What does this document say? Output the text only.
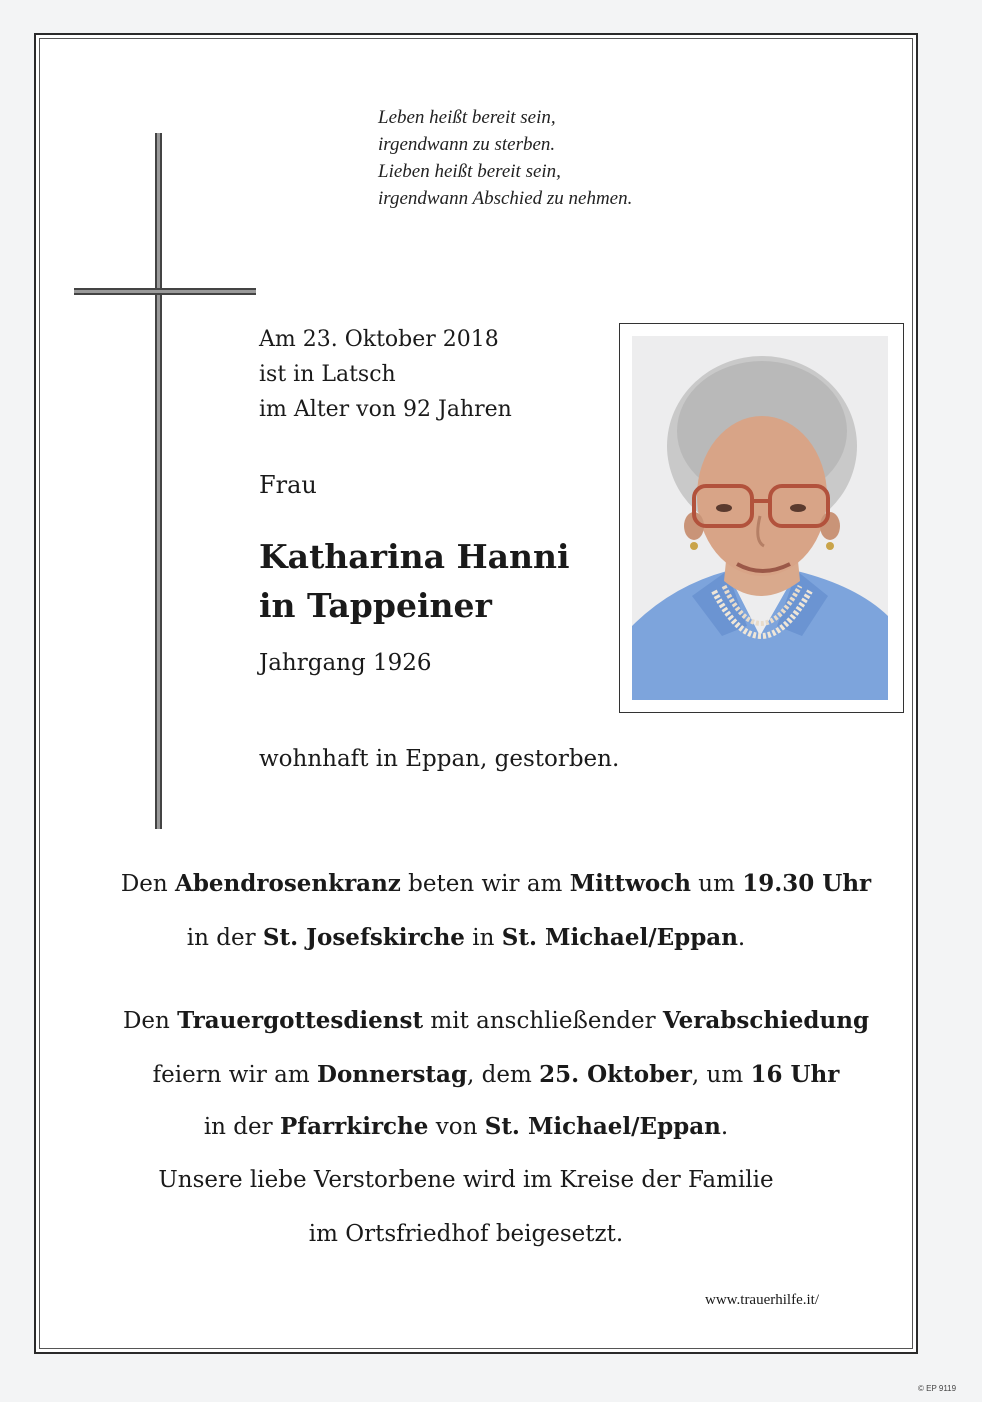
Leben heißt bereit sein,
irgendwann zu sterben.
Lieben heißt bereit sein,
irgendwann Abschied zu nehmen.
Am 23. Oktober 2018
ist in Latsch
im Alter von 92 Jahren
Frau
Katharina Hanni
in Tappeiner
Jahrgang 1926
wohnhaft in Eppan, gestorben.
Den Abendrosenkranz beten wir am Mittwoch um 19.30 Uhr
in der St. Josefskirche in St. Michael/Eppan.
Den Trauergottesdienst mit anschließender Verabschiedung
feiern wir am Donnerstag, dem 25. Oktober, um 16 Uhr
in der Pfarrkirche von St. Michael/Eppan.
Unsere liebe Verstorbene wird im Kreise der Familie
im Ortsfriedhof beigesetzt.
www.trauerhilfe.it/
© EP 9119
